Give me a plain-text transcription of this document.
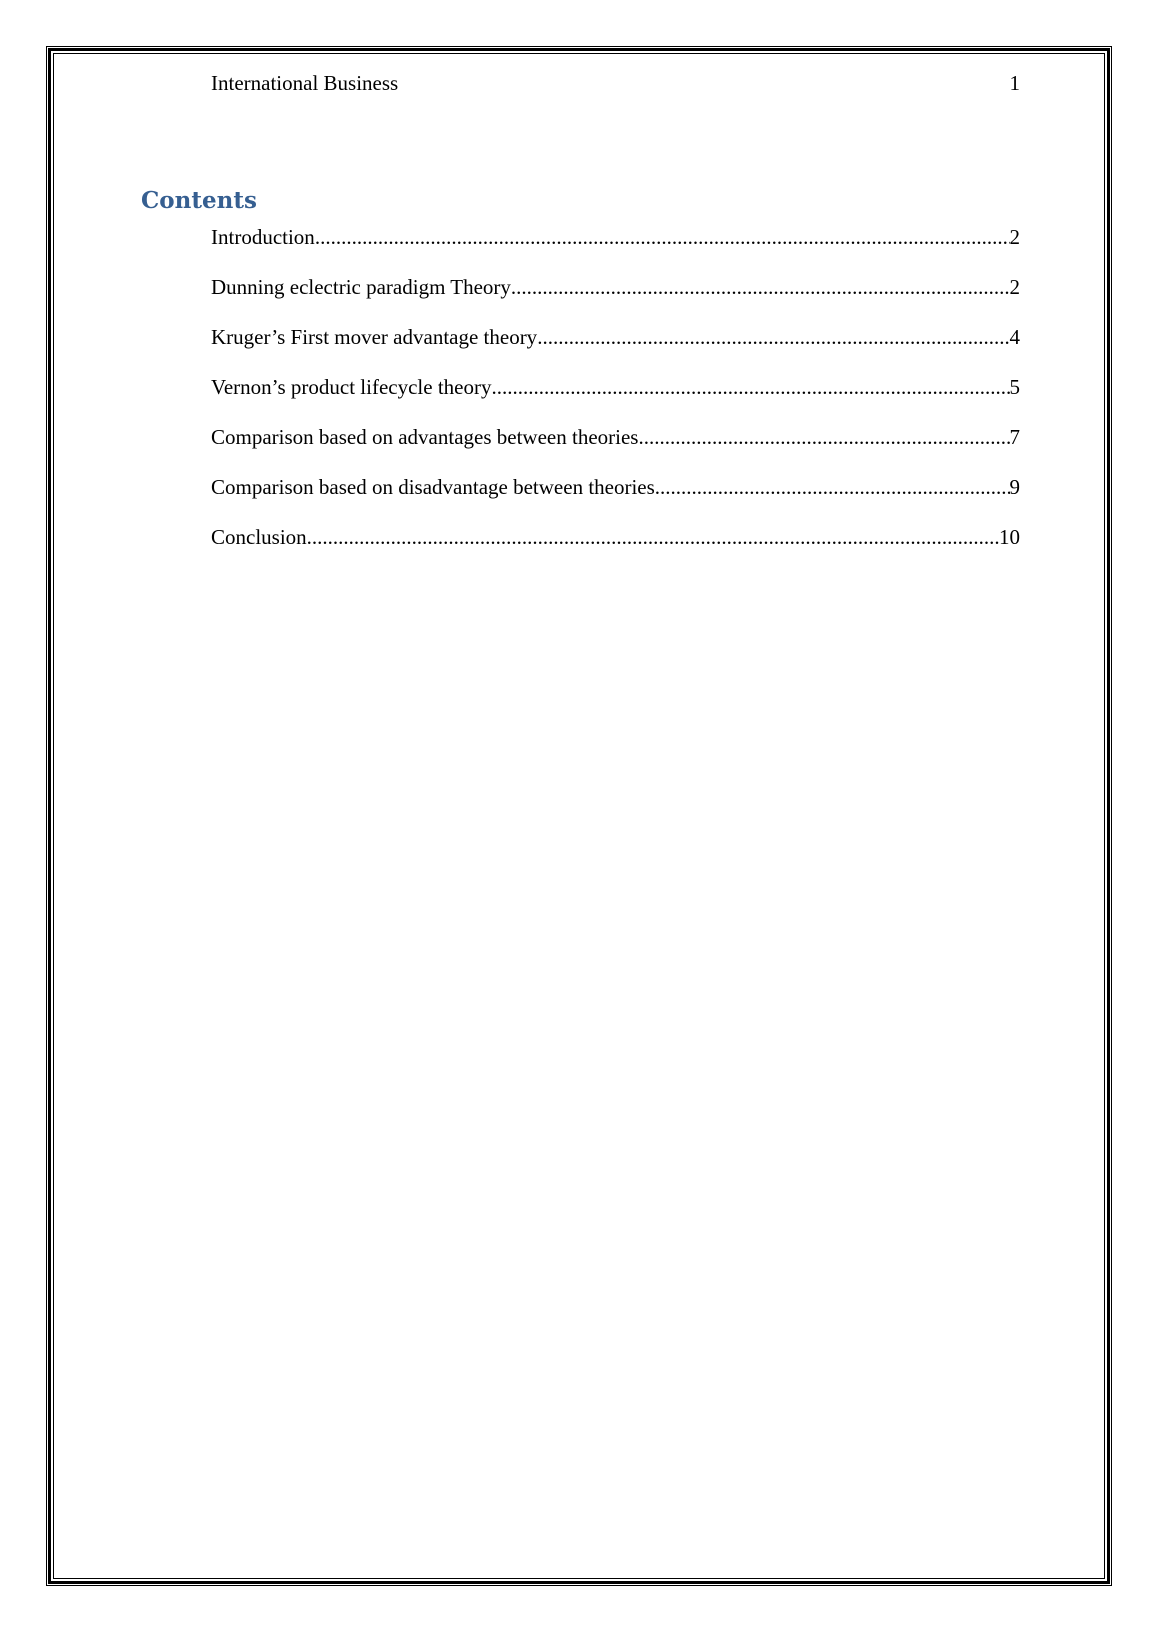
International Business	1
Contents
Introduction .....	2
Dunning eclectric paradigm Theory .....	2
Kruger’s First mover advantage theory .....	4
Vernon’s product lifecycle theory .....	5
Comparison based on advantages between theories .....	7
Comparison based on disadvantage between theories .....	9
Conclusion .....	10
